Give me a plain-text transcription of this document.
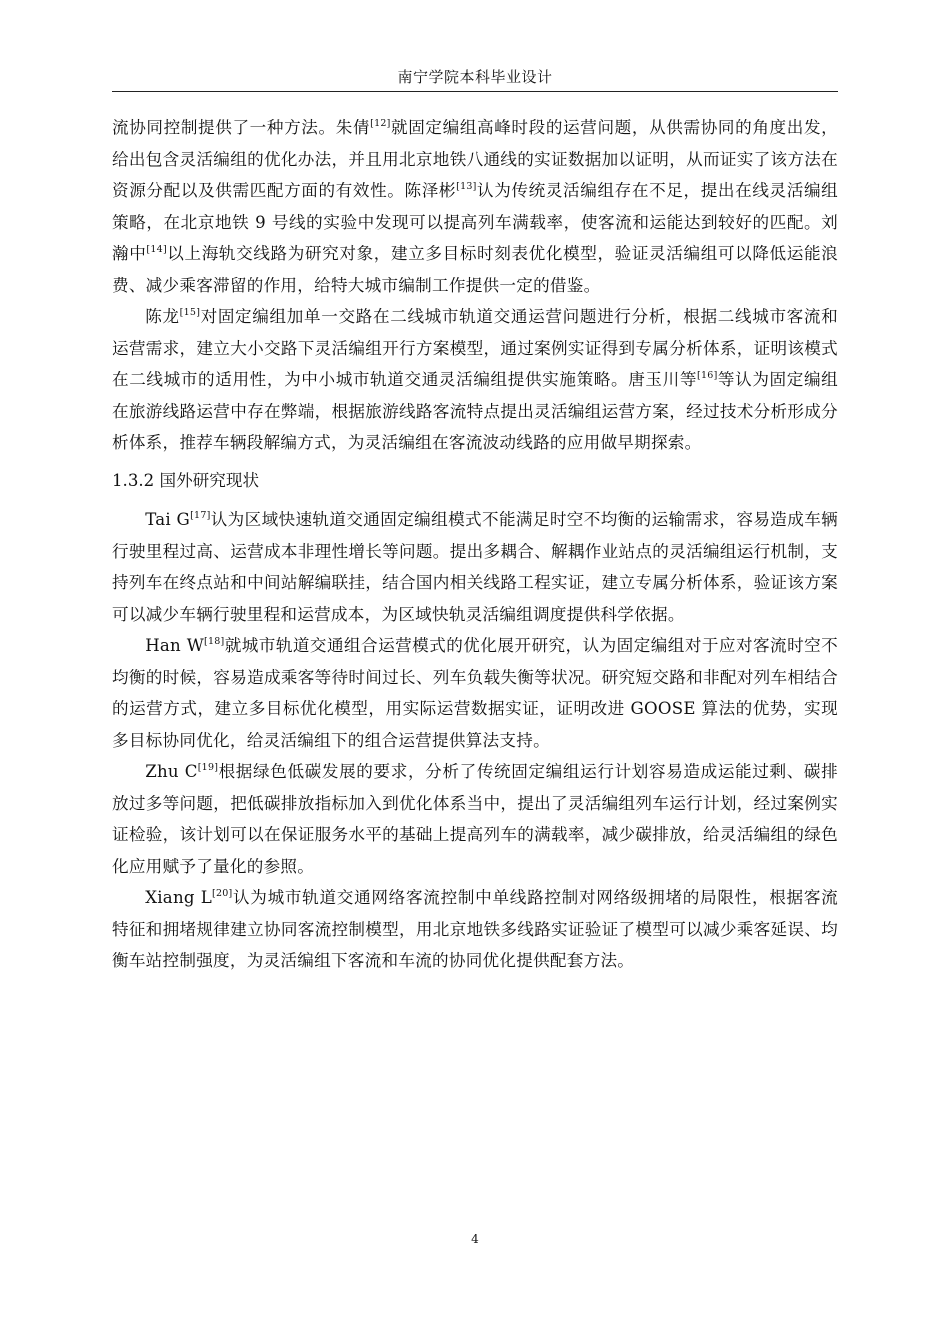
南宁学院本科毕业设计

流协同控制提供了一种方法。朱倩[12]就固定编组高峰时段的运营问题，从供需协同的角度出发，给出包含灵活编组的优化办法，并且用北京地铁八通线的实证数据加以证明，从而证实了该方法在资源分配以及供需匹配方面的有效性。陈泽彬[13]认为传统灵活编组存在不足，提出在线灵活编组策略，在北京地铁 9 号线的实验中发现可以提高列车满载率，使客流和运能达到较好的匹配。刘瀚中[14]以上海轨交线路为研究对象，建立多目标时刻表优化模型，验证灵活编组可以降低运能浪费、减少乘客滞留的作用，给特大城市编制工作提供一定的借鉴。

陈龙[15]对固定编组加单一交路在二线城市轨道交通运营问题进行分析，根据二线城市客流和运营需求，建立大小交路下灵活编组开行方案模型，通过案例实证得到专属分析体系，证明该模式在二线城市的适用性，为中小城市轨道交通灵活编组提供实施策略。唐玉川等[16]等认为固定编组在旅游线路运营中存在弊端，根据旅游线路客流特点提出灵活编组运营方案，经过技术分析形成分析体系，推荐车辆段解编方式，为灵活编组在客流波动线路的应用做早期探索。

1.3.2 国外研究现状

Tai G[17]认为区域快速轨道交通固定编组模式不能满足时空不均衡的运输需求，容易造成车辆行驶里程过高、运营成本非理性增长等问题。提出多耦合、解耦作业站点的灵活编组运行机制，支持列车在终点站和中间站解编联挂，结合国内相关线路工程实证，建立专属分析体系，验证该方案可以减少车辆行驶里程和运营成本，为区域快轨灵活编组调度提供科学依据。

Han W[18]就城市轨道交通组合运营模式的优化展开研究，认为固定编组对于应对客流时空不均衡的时候，容易造成乘客等待时间过长、列车负载失衡等状况。研究短交路和非配对列车相结合的运营方式，建立多目标优化模型，用实际运营数据实证，证明改进 GOOSE 算法的优势，实现多目标协同优化，给灵活编组下的组合运营提供算法支持。

Zhu C[19]根据绿色低碳发展的要求，分析了传统固定编组运行计划容易造成运能过剩、碳排放过多等问题，把低碳排放指标加入到优化体系当中，提出了灵活编组列车运行计划，经过案例实证检验，该计划可以在保证服务水平的基础上提高列车的满载率，减少碳排放，给灵活编组的绿色化应用赋予了量化的参照。

Xiang L[20]认为城市轨道交通网络客流控制中单线路控制对网络级拥堵的局限性，根据客流特征和拥堵规律建立协同客流控制模型，用北京地铁多线路实证验证了模型可以减少乘客延误、均衡车站控制强度，为灵活编组下客流和车流的协同优化提供配套方法。

4
